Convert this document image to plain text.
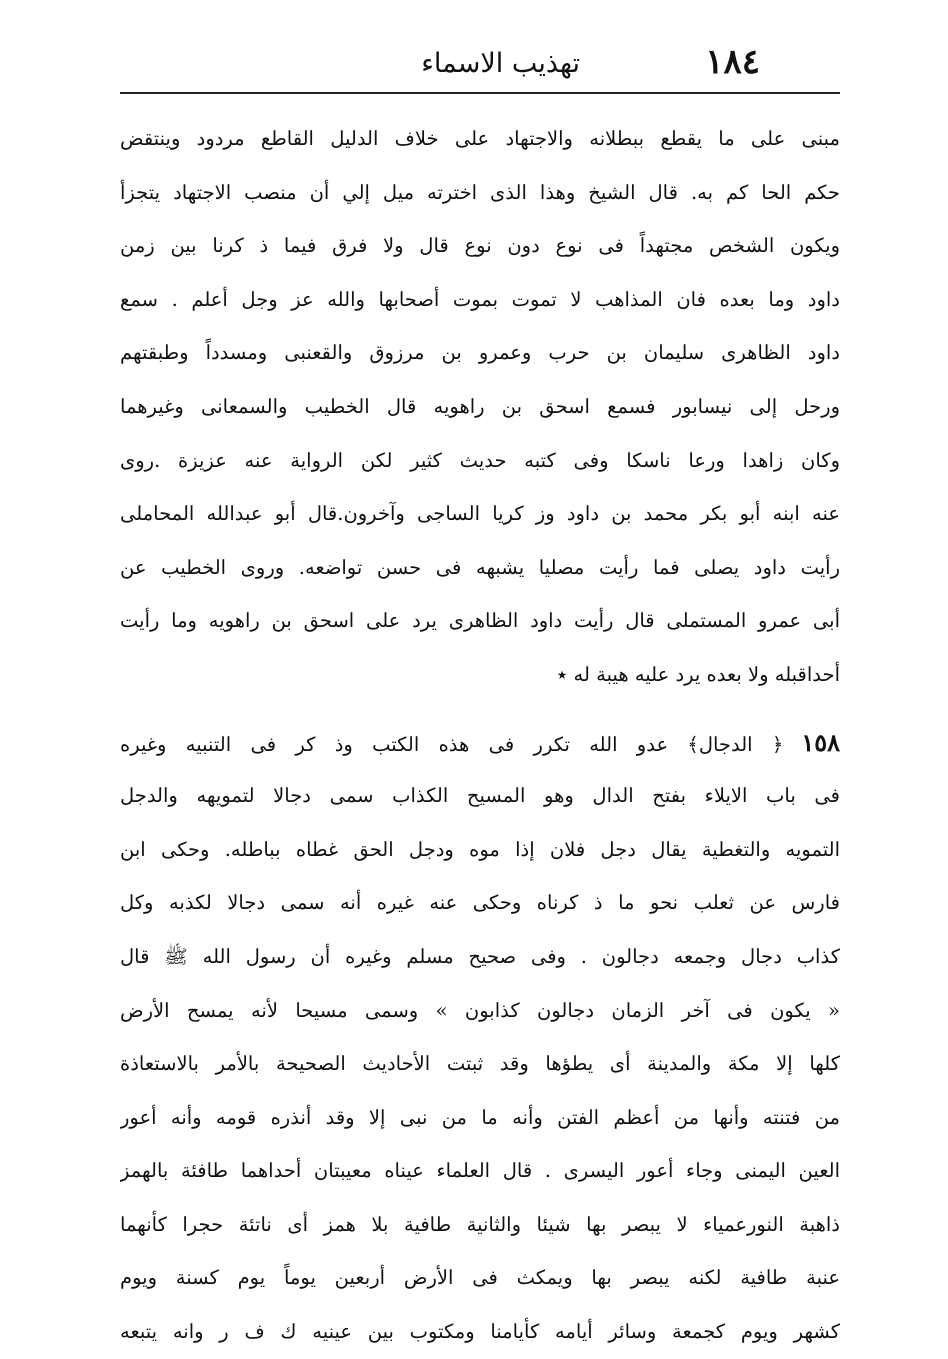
١٨٤
تهذيب الاسماء
مبنى على ما يقطع ببطلانه والاجتهاد على خلاف الدليل القاطع مردود وينتقض
حكم الحا كم به. قال الشيخ وهذا الذى اخترته ميل إلي أن منصب الاجتهاد يتجزأ
ويكون الشخص مجتهداً فى نوع دون نوع قال ولا فرق فيما ذ كرنا بين زمن
داود وما بعده فان المذاهب لا تموت بموت أصحابها والله عز وجل أعلم . سمع
داود الظاهرى سليمان بن حرب وعمرو بن مرزوق والقعنبى ومسدداً وطبقتهم
ورحل إلى نيسابور فسمع اسحق بن راهويه قال الخطيب والسمعانى وغيرهما
وكان زاهدا ورعا ناسكا وفى كتبه حديث كثير لكن الرواية عنه عزيزة .روى
عنه ابنه أبو بكر محمد بن داود وز كريا الساجى وآخرون.قال أبو عبدالله المحاملى
رأيت داود يصلى فما رأيت مصليا يشبهه فى حسن تواضعه. وروى الخطيب عن
أبى عمرو المستملى قال رأيت داود الظاهرى يرد على اسحق بن راهويه وما رأيت
أحداقبله ولا بعده يرد عليه هيبة له ٭
١٥٨﴿ الدجال﴾ عدو الله تكرر فى هذه الكتب وذ كر فى التنبيه وغيره
فى باب الايلاء بفتح الدال وهو المسيح الكذاب سمى دجالا لتمويهه والدجل
التمويه والتغطية يقال دجل فلان إذا موه ودجل الحق غطاه بباطله. وحكى ابن
فارس عن ثعلب نحو ما ذ كرناه وحكى عنه غيره أنه سمى دجالا لكذبه وكل
كذاب دجال وجمعه دجالون . وفى صحيح مسلم وغيره أن رسول الله ﷺ قال
« يكون فى آخر الزمان دجالون كذابون » وسمى مسيحا لأنه يمسح الأرض
كلها إلا مكة والمدينة أى يطؤها وقد ثبتت الأحاديث الصحيحة بالأمر بالاستعاذة
من فتنته وأنها من أعظم الفتن وأنه ما من نبى إلا وقد أنذره قومه وأنه أعور
العين اليمنى وجاء أعور اليسرى . قال العلماء عيناه معيبتان أحداهما طافئة بالهمز
ذاهبة النورعمياء لا يبصر بها شيئا والثانية طافية بلا همز أى ناتئة حجرا كأنهما
عنبة طافية لكنه يبصر بها ويمكث فى الأرض أربعين يوماً يوم كسنة ويوم
كشهر ويوم كجمعة وسائر أيامه كأيامنا ومكتوب بين عينيه ك ف ر وانه يتبعه
